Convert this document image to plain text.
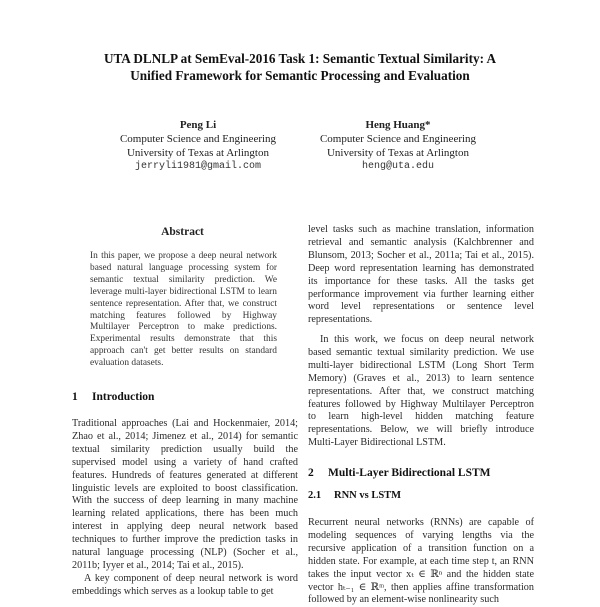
UTA DLNLP at SemEval-2016 Task 1: Semantic Textual Similarity: A
Unified Framework for Semantic Processing and Evaluation
Peng Li
Computer Science and Engineering
University of Texas at Arlington
jerryli1981@gmail.com
Heng Huang*
Computer Science and Engineering
University of Texas at Arlington
heng@uta.edu
Abstract
In this paper, we propose a deep neural network based natural language processing system for semantic textual similarity prediction. We leverage multi-layer bidirectional LSTM to learn sentence representation. After that, we construct matching features followed by Highway Multilayer Perceptron to make predictions. Experimental results demonstrate that this approach can't get better results on standard evaluation datasets.
1 Introduction
Traditional approaches (Lai and Hockenmaier, 2014; Zhao et al., 2014; Jimenez et al., 2014) for semantic textual similarity prediction usually build the supervised model using a variety of hand crafted features. Hundreds of features generated at different linguistic levels are exploited to boost classification. With the success of deep learning in many machine learning related applications, there has been much interest in applying deep neural network based techniques to further improve the prediction tasks in natural language processing (NLP) (Socher et al., 2011b; Iyyer et al., 2014; Tai et al., 2015).
A key component of deep neural network is word embeddings which serves as a lookup table to get
level tasks such as machine translation, information retrieval and semantic analysis (Kalchbrenner and Blunsom, 2013; Socher et al., 2011a; Tai et al., 2015). Deep word representation learning has demonstrated its importance for these tasks. All the tasks get performance improvement via further learning either word level representations or sentence level representations.
In this work, we focus on deep neural network based semantic textual similarity prediction. We use multi-layer bidirectional LSTM (Long Short Term Memory) (Graves et al., 2013) to learn sentence representations. After that, we construct matching features followed by Highway Multilayer Perceptron to learn high-level hidden matching feature representations. Below, we will briefly introduce Multi-Layer Bidirectional LSTM.
2 Multi-Layer Bidirectional LSTM
2.1 RNN vs LSTM
Recurrent neural networks (RNNs) are capable of modeling sequences of varying lengths via the recursive application of a transition function on a hidden state. For example, at each time step t, an RNN takes the input vector xₜ ∈ ℝⁿ and the hidden state vector hₜ₋₁ ∈ ℝᵐ, then applies affine transformation followed by an element-wise nonlinearity such
